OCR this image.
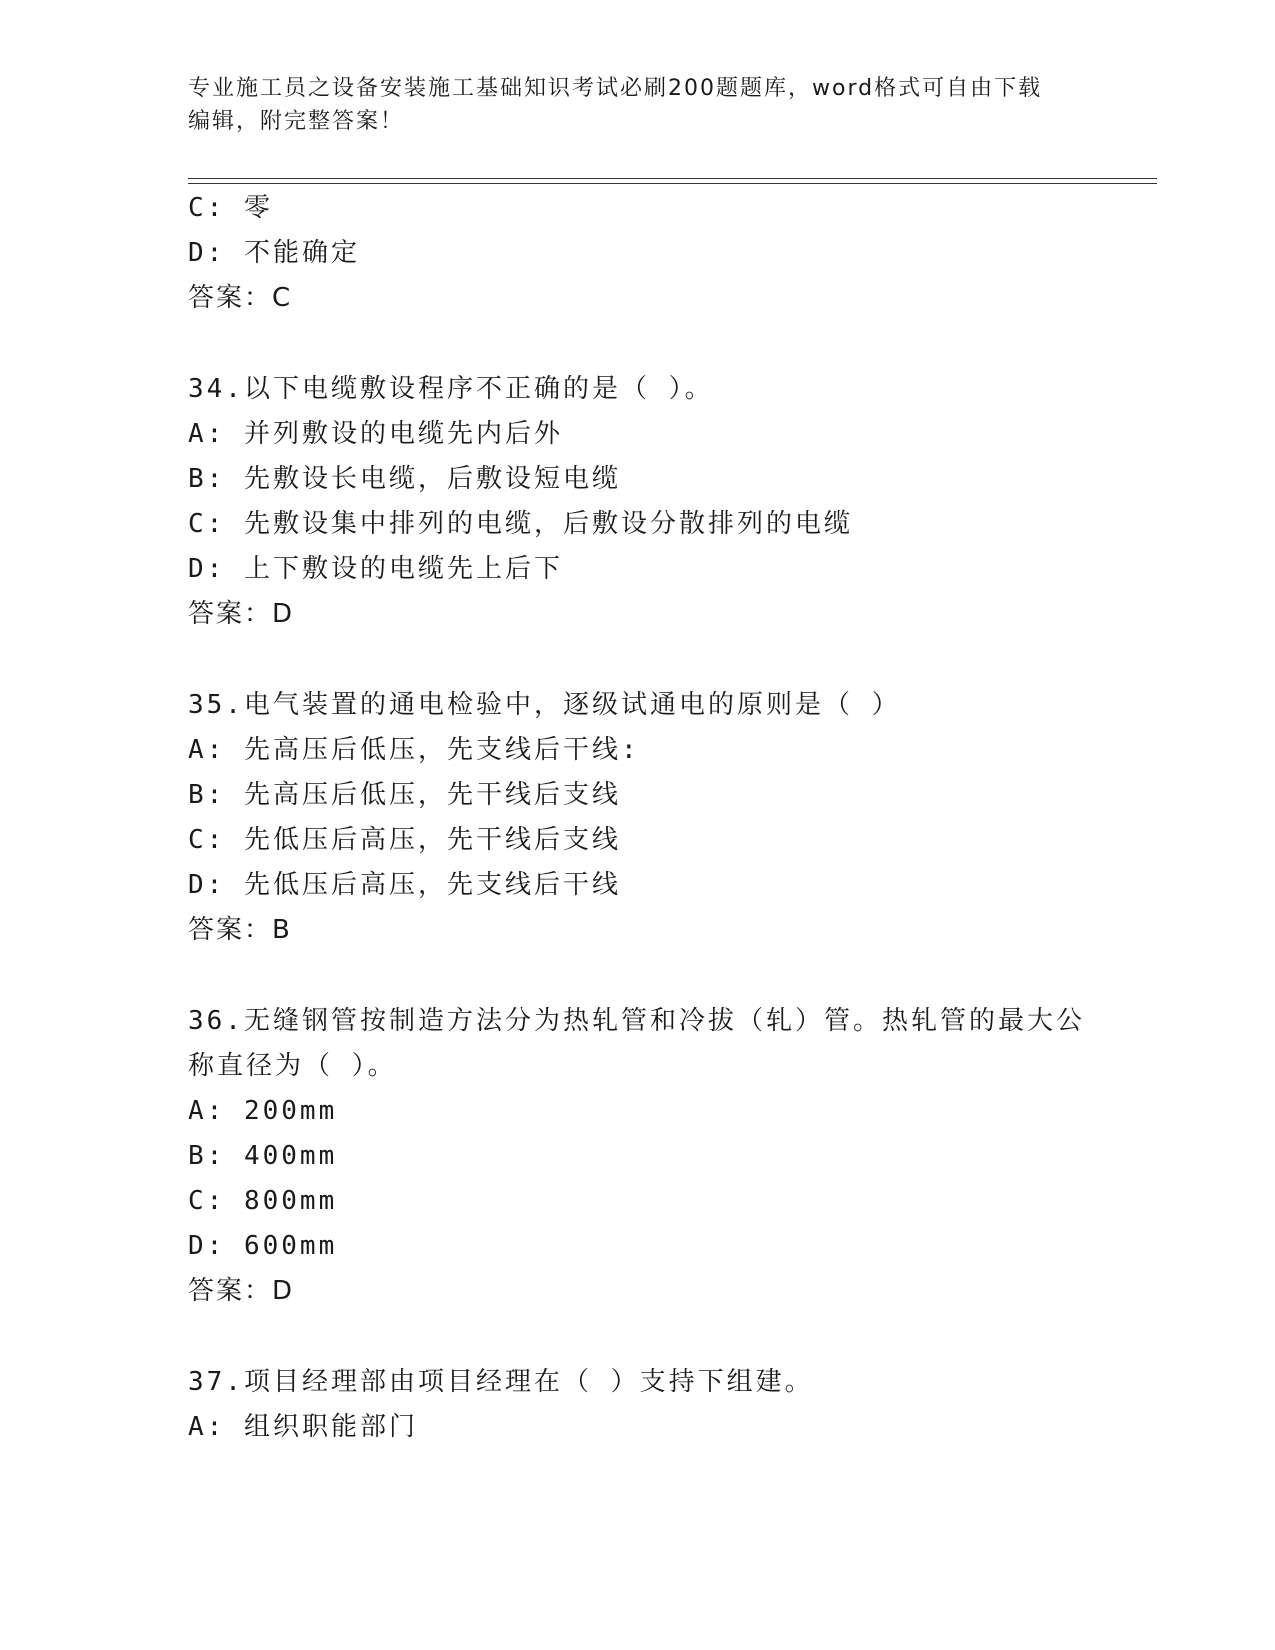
专业施工员之设备安装施工基础知识考试必刷200题题库，word格式可自由下载
编辑，附完整答案！
C: 零
D: 不能确定
答案：C
34.以下电缆敷设程序不正确的是（ ）。
A: 并列敷设的电缆先内后外
B: 先敷设长电缆，后敷设短电缆
C: 先敷设集中排列的电缆，后敷设分散排列的电缆
D: 上下敷设的电缆先上后下
答案：D
35.电气装置的通电检验中，逐级试通电的原则是（ ）
A: 先高压后低压，先支线后干线:
B: 先高压后低压，先干线后支线
C: 先低压后高压，先干线后支线
D: 先低压后高压，先支线后干线
答案：B
36.无缝钢管按制造方法分为热轧管和冷拔（轧）管。热轧管的最大公
称直径为（ ）。
A: 200mm
B: 400mm
C: 800mm
D: 600mm
答案：D
37.项目经理部由项目经理在（ ）支持下组建。
A: 组织职能部门
